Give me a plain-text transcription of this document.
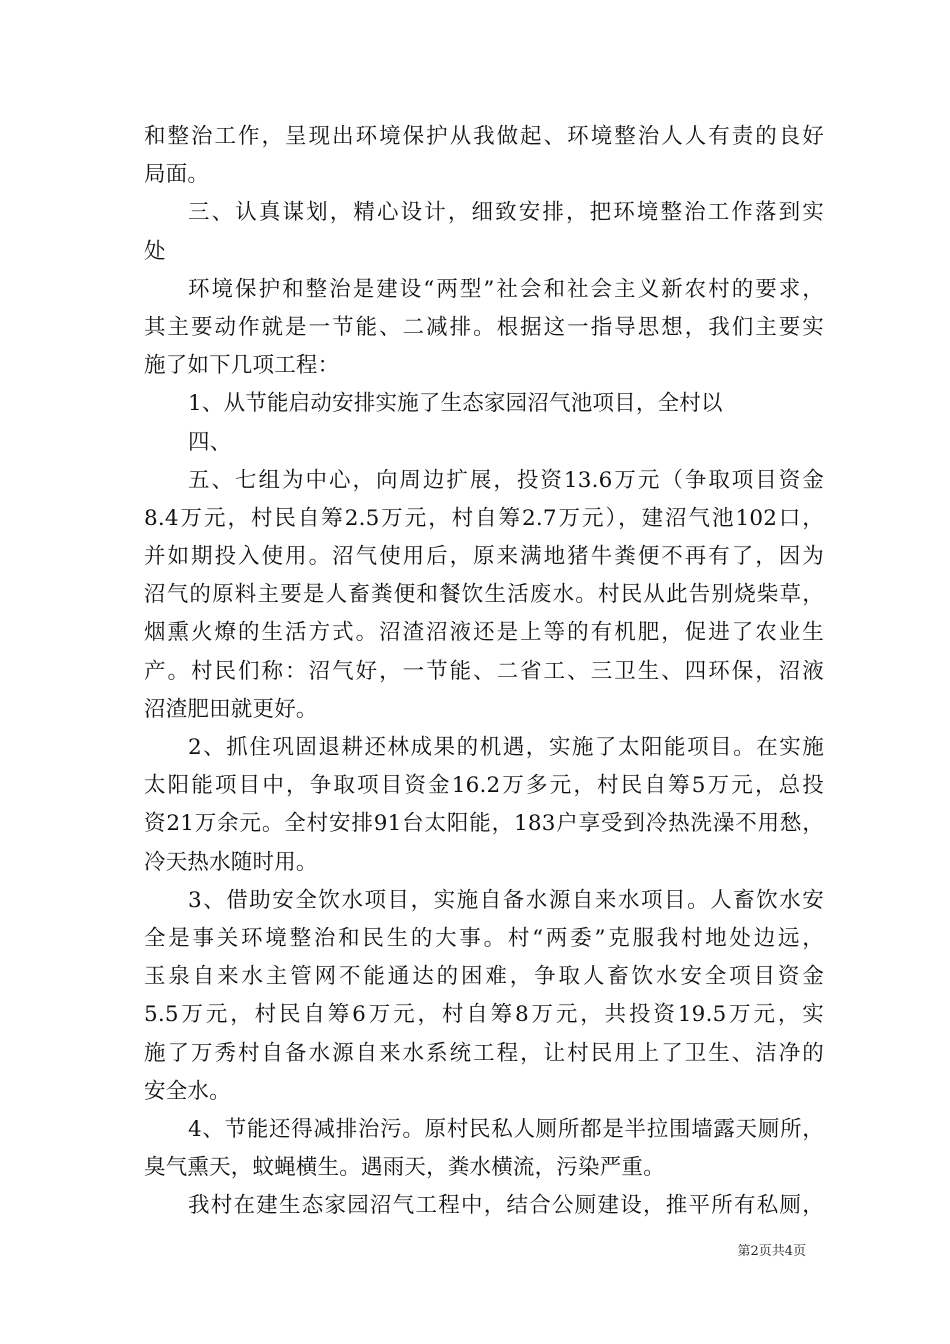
和整治工作，呈现出环境保护从我做起、环境整治人人有责的良好
局面。
三、认真谋划，精心设计，细致安排，把环境整治工作落到实
处
环境保护和整治是建设“两型”社会和社会主义新农村的要求，
其主要动作就是一节能、二减排。根据这一指导思想，我们主要实
施了如下几项工程：
1、从节能启动安排实施了生态家园沼气池项目，全村以
四、
五、七组为中心，向周边扩展，投资13.6万元（争取项目资金
8.4万元，村民自筹2.5万元，村自筹2.7万元），建沼气池102口，
并如期投入使用。沼气使用后，原来满地猪牛粪便不再有了，因为
沼气的原料主要是人畜粪便和餐饮生活废水。村民从此告别烧柴草，
烟熏火燎的生活方式。沼渣沼液还是上等的有机肥，促进了农业生
产。村民们称：沼气好，一节能、二省工、三卫生、四环保，沼液
沼渣肥田就更好。
2、抓住巩固退耕还林成果的机遇，实施了太阳能项目。在实施
太阳能项目中，争取项目资金16.2万多元，村民自筹5万元，总投
资21万余元。全村安排91台太阳能，183户享受到冷热洗澡不用愁，
冷天热水随时用。
3、借助安全饮水项目，实施自备水源自来水项目。人畜饮水安
全是事关环境整治和民生的大事。村“两委”克服我村地处边远，
玉泉自来水主管网不能通达的困难，争取人畜饮水安全项目资金
5.5万元，村民自筹6万元，村自筹8万元，共投资19.5万元，实
施了万秀村自备水源自来水系统工程，让村民用上了卫生、洁净的
安全水。
4、节能还得减排治污。原村民私人厕所都是半拉围墙露天厕所，
臭气熏天，蚊蝇横生。遇雨天，粪水横流，污染严重。
我村在建生态家园沼气工程中，结合公厕建设，推平所有私厕，
第2页共4页
